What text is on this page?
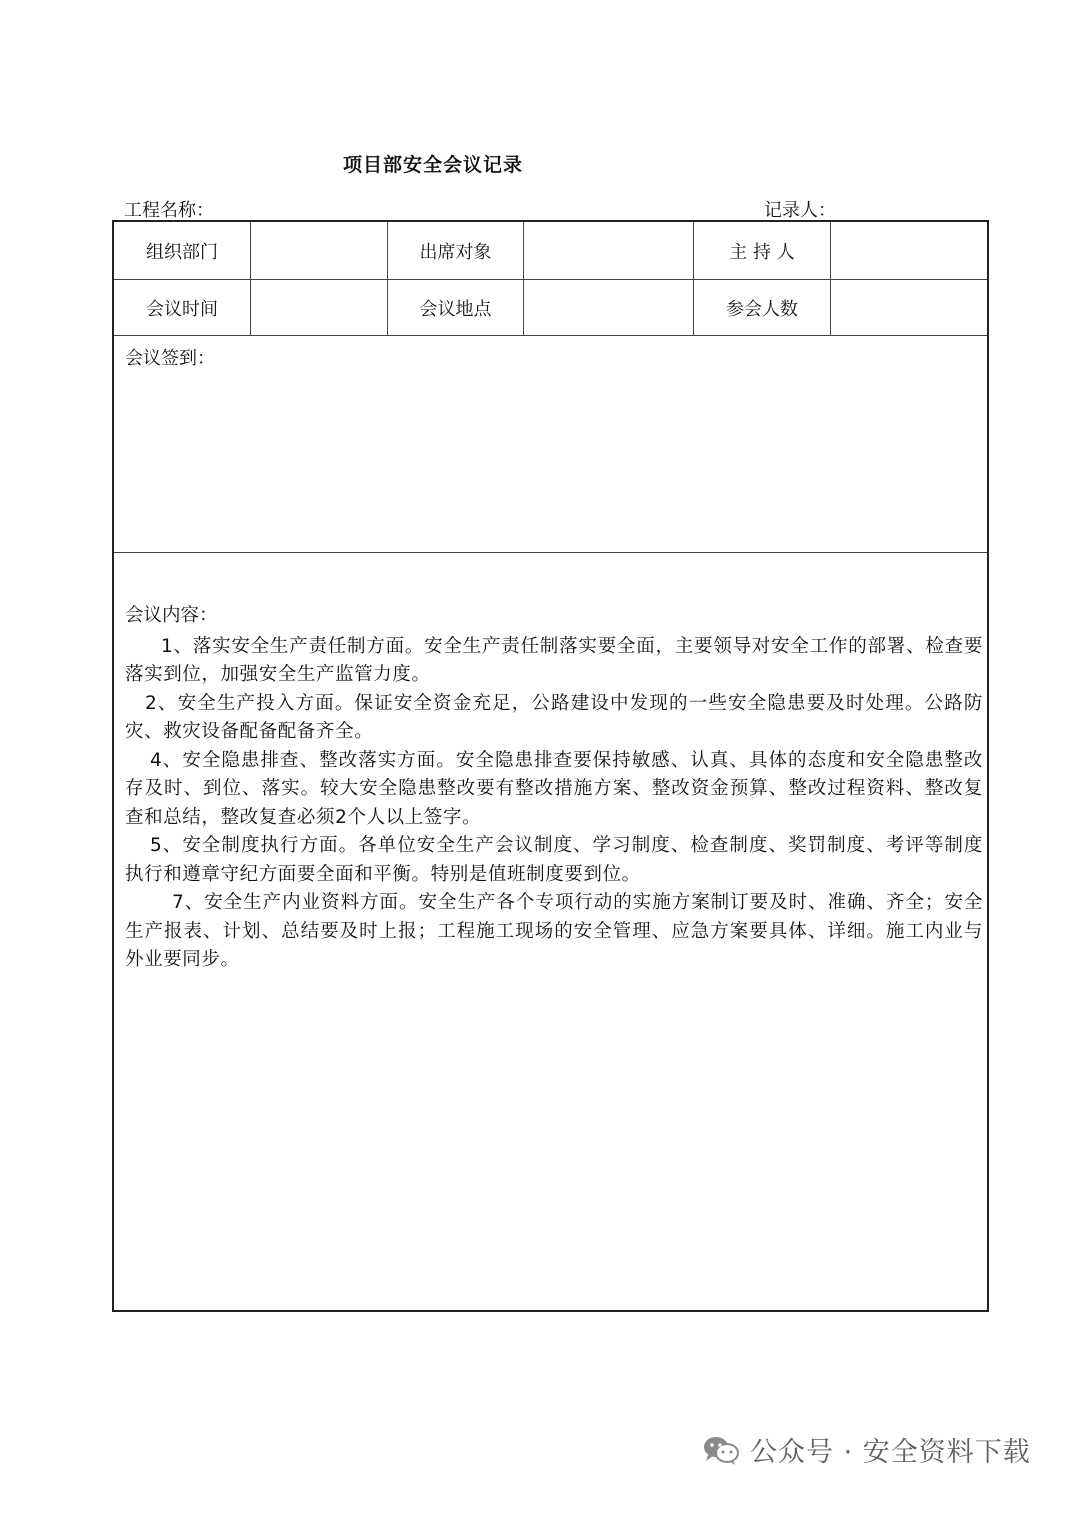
项目部安全会议记录
工程名称：	记录人：
组织部门	出席对象	主 持 人
会议时间	会议地点	参会人数
会议签到：
会议内容：

1、落实安全生产责任制方面。安全生产责任制落实要全面，主要领导对安全工作的部署、检查要落实到位，加强安全生产监管力度。

2、安全生产投入方面。保证安全资金充足，公路建设中发现的一些安全隐患要及时处理。公路防灾、救灾设备配备配备齐全。

4、安全隐患排查、整改落实方面。安全隐患排查要保持敏感、认真、具体的态度和安全隐患整改存及时、到位、落实。较大安全隐患整改要有整改措施方案、整改资金预算、整改过程资料、整改复查和总结，整改复查必须2个人以上签字。

5、安全制度执行方面。各单位安全生产会议制度、学习制度、检查制度、奖罚制度、考评等制度执行和遵章守纪方面要全面和平衡。特别是值班制度要到位。

7、安全生产内业资料方面。安全生产各个专项行动的实施方案制订要及时、准确、齐全；安全生产报表、计划、总结要及时上报；工程施工现场的安全管理、应急方案要具体、详细。施工内业与外业要同步。

公众号 · 安全资料下载
